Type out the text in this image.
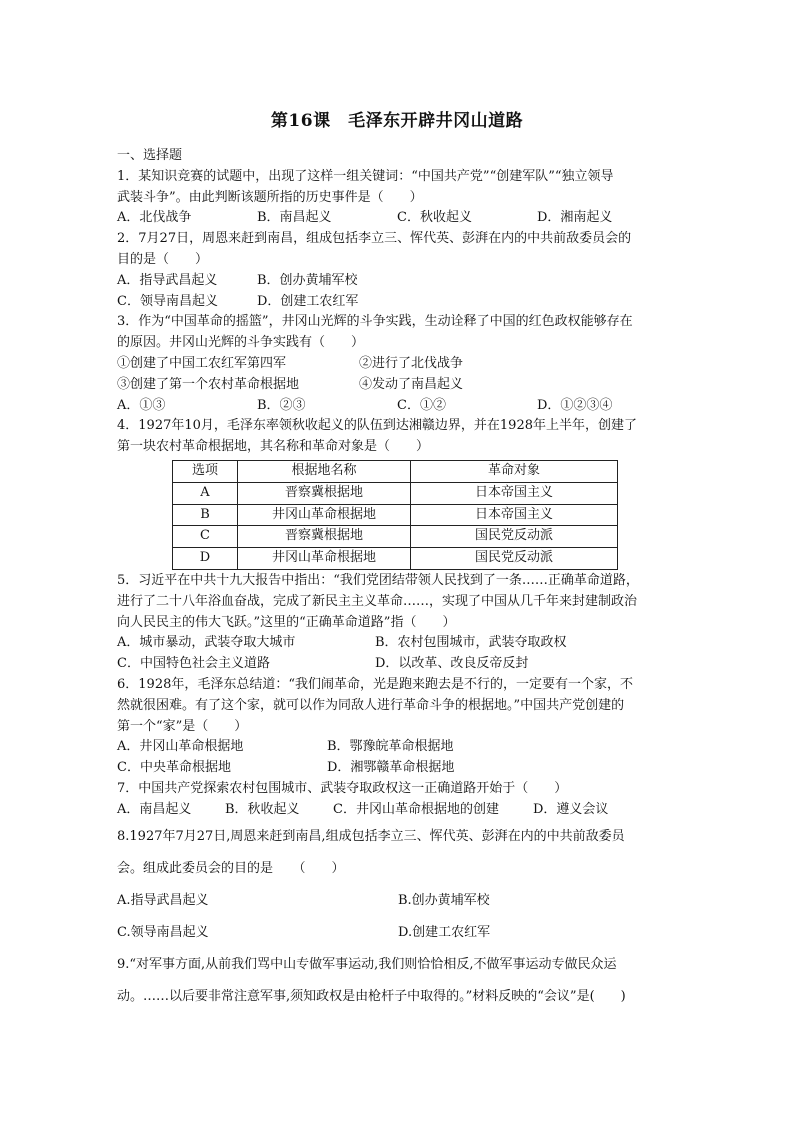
第16课　毛泽东开辟井冈山道路

一、选择题

1．某知识竞赛的试题中，出现了这样一组关键词：“中国共产党”“创建军队”“独立领导

武装斗争”。由此判断该题所指的历史事件是（　　）

A．北伐战争	B．南昌起义	C．秋收起义	D．湘南起义

2．7月27日，周恩来赶到南昌，组成包括李立三、恽代英、彭湃在内的中共前敌委员会的

目的是（　　）

A．指导武昌起义	B．创办黄埔军校
C．领导南昌起义	D．创建工农红军

3．作为“中国革命的摇篮”，井冈山光辉的斗争实践，生动诠释了中国的红色政权能够存在

的原因。井冈山光辉的斗争实践有（　　）

①创建了中国工农红军第四军	②进行了北伐战争
③创建了第一个农村革命根据地	④发动了南昌起义
A．①③	B．②③	C．①②	D．①②③④

4．1927年10月，毛泽东率领秋收起义的队伍到达湘赣边界，并在1928年上半年，创建了

第一块农村革命根据地，其名称和革命对象是（　　）

选项	根据地名称	革命对象
A	晋察冀根据地	日本帝国主义
B	井冈山革命根据地	日本帝国主义
C	晋察冀根据地	国民党反动派
D	井冈山革命根据地	国民党反动派

5．习近平在中共十九大报告中指出：“我们党团结带领人民找到了一条……正确革命道路，

进行了二十八年浴血奋战，完成了新民主主义革命……，实现了中国从几千年来封建制政治

向人民民主的伟大飞跃。”这里的“正确革命道路”指（　　）

A．城市暴动，武装夺取大城市	B．农村包围城市，武装夺取政权
C．中国特色社会主义道路	D．以改革、改良反帝反封

6．1928年，毛泽东总结道：“我们闹革命，光是跑来跑去是不行的，一定要有一个家，不

然就很困难。有了这个家，就可以作为同敌人进行革命斗争的根据地。”中国共产党创建的

第一个“家”是（　　）

A．井冈山革命根据地	B．鄂豫皖革命根据地
C．中央革命根据地	D．湘鄂赣革命根据地

7．中国共产党探索农村包围城市、武装夺取政权这一正确道路开始于（　　）

A．南昌起义	B．秋收起义	C．井冈山革命根据地的创建	D．遵义会议

8.1927年7月27日,周恩来赶到南昌,组成包括李立三、恽代英、彭湃在内的中共前敌委员

会。组成此委员会的目的是　　（　　）

A.指导武昌起义	B.创办黄埔军校
C.领导南昌起义	D.创建工农红军

9.“对军事方面,从前我们骂中山专做军事运动,我们则恰恰相反,不做军事运动专做民众运

动。……以后要非常注意军事,须知政权是由枪杆子中取得的。”材料反映的“会议”是(　　)
